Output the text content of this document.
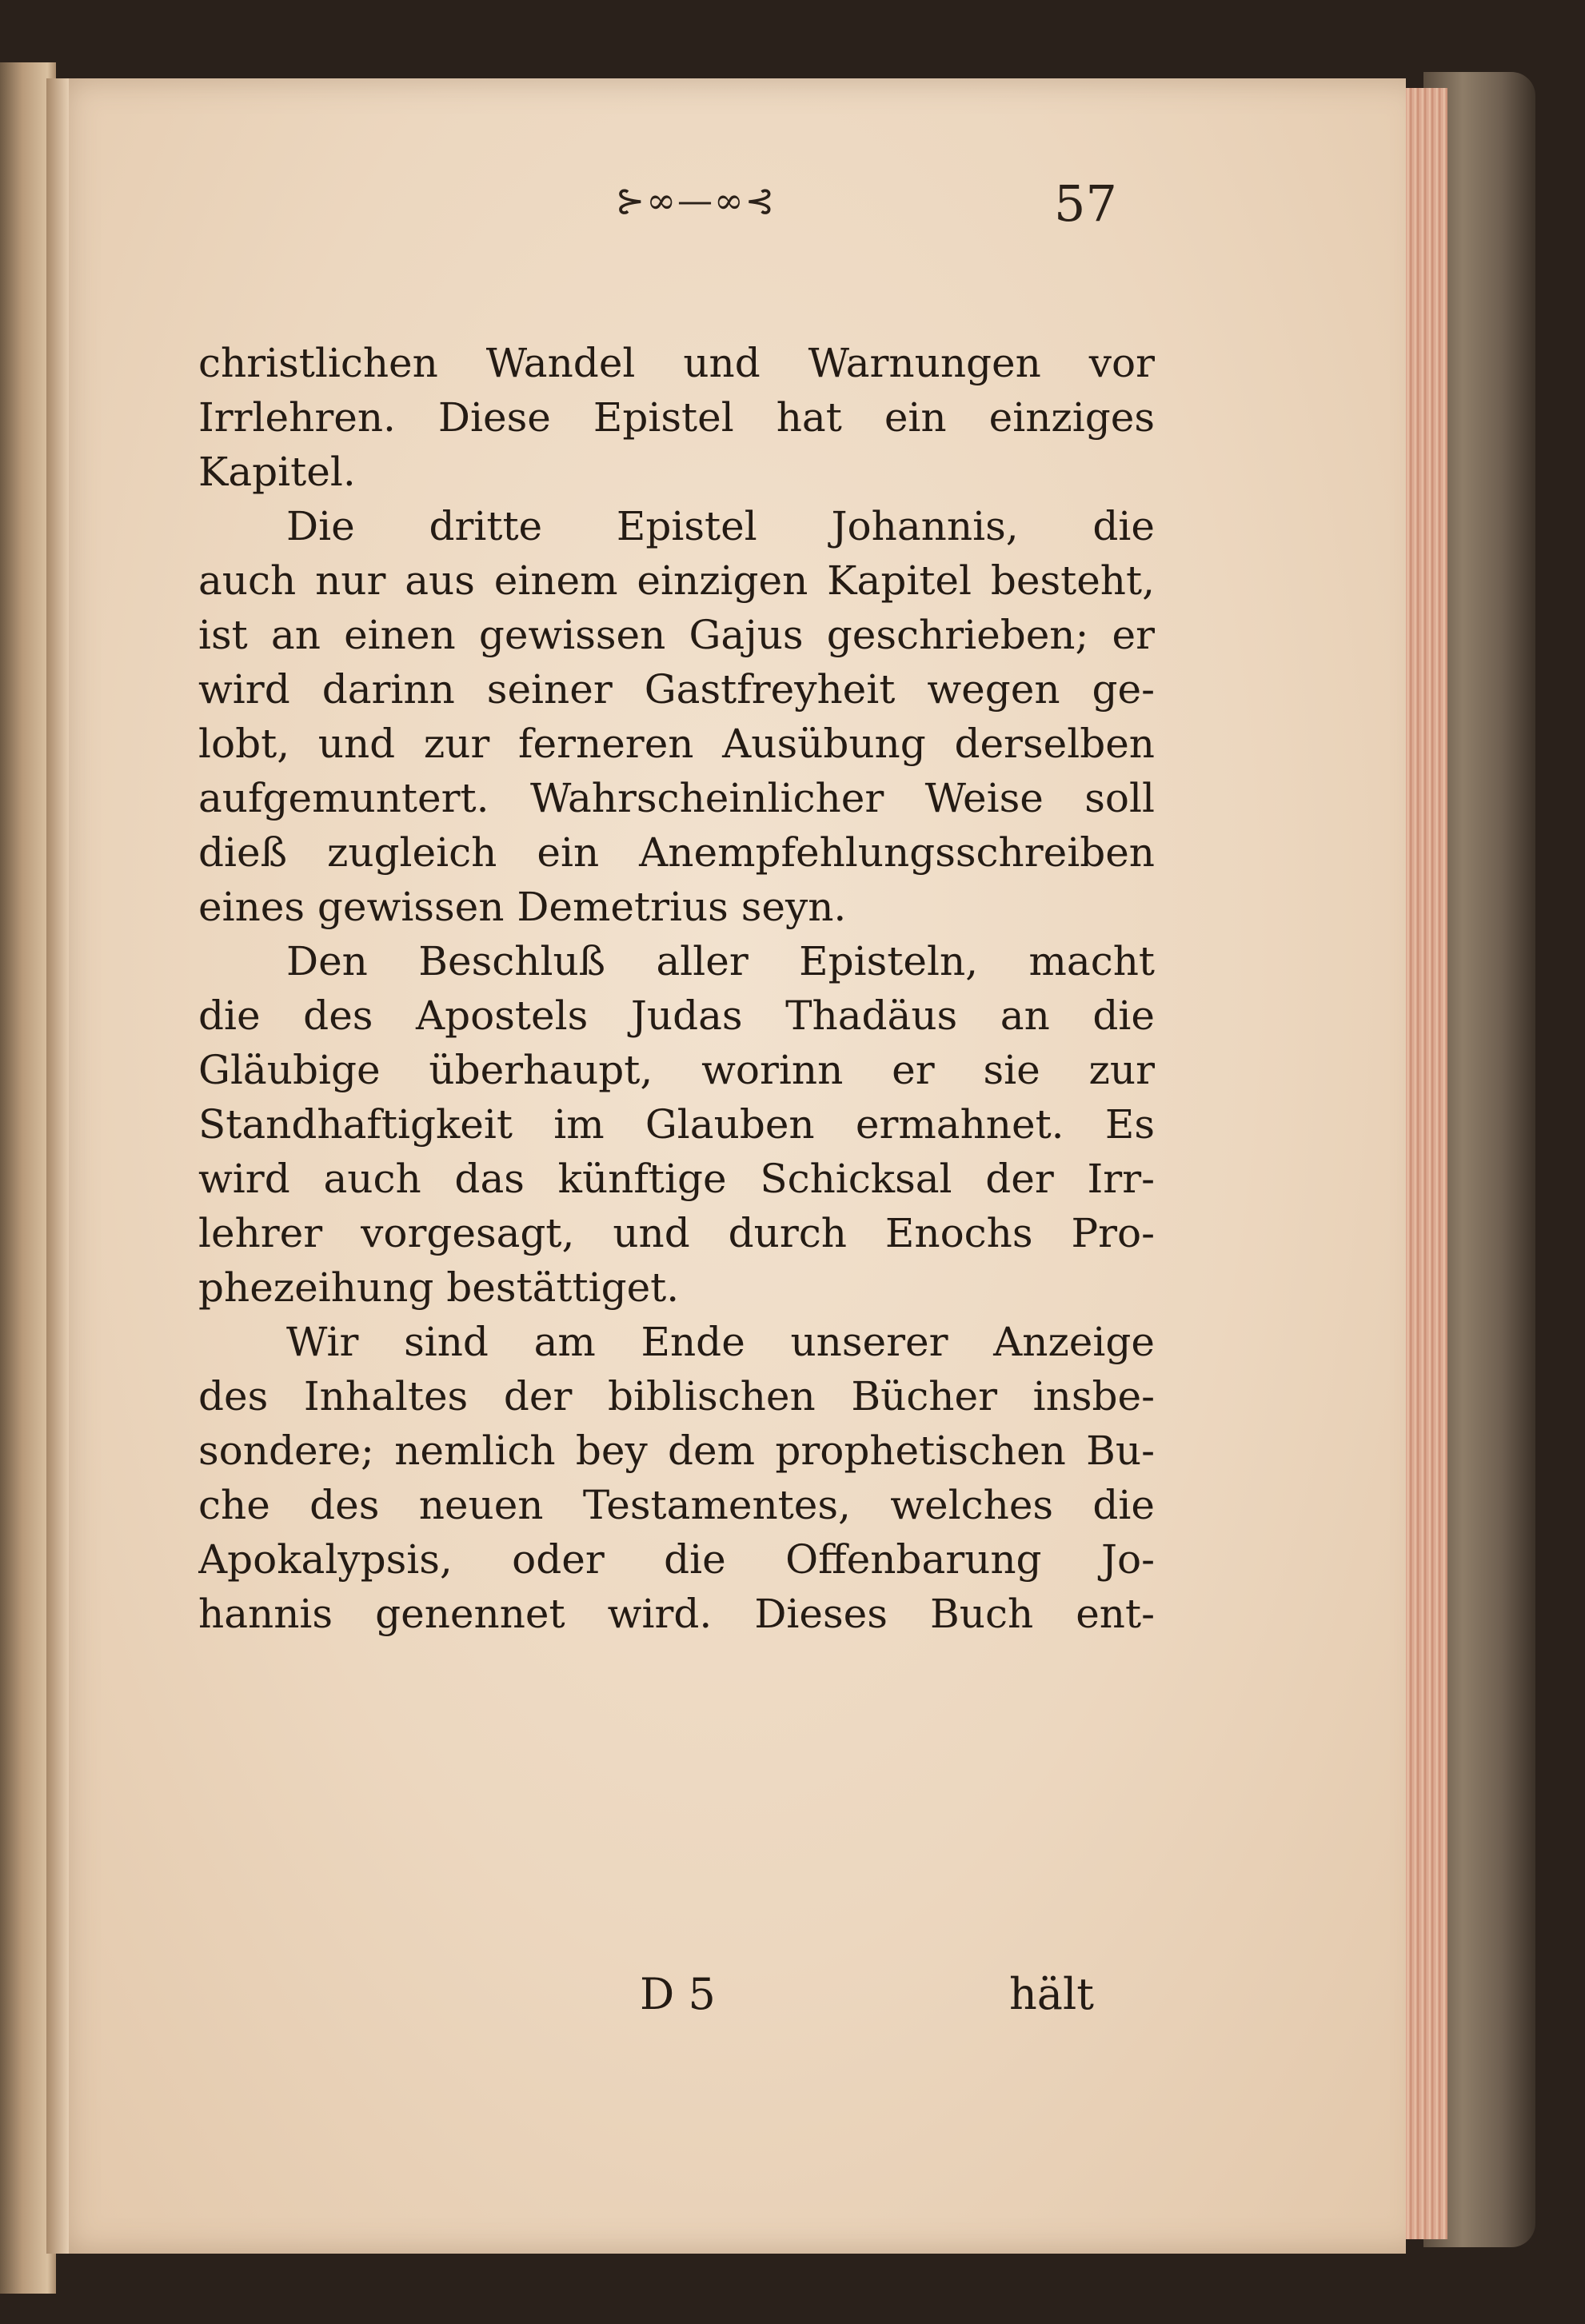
⊱∞—∞⊰	57
christlichen Wandel und Warnungen vor
Irrlehren. Diese Epistel hat ein einziges
Kapitel.
Die dritte Epistel Johannis, die
auch nur aus einem einzigen Kapitel besteht,
ist an einen gewissen Gajus geschrieben; er
wird darinn seiner Gastfreyheit wegen ge-
lobt, und zur ferneren Ausübung derselben
aufgemuntert. Wahrscheinlicher Weise soll
dieß zugleich ein Anempfehlungsschreiben
eines gewissen Demetrius seyn.
Den Beschluß aller Episteln, macht
die des Apostels Judas Thadäus an die
Gläubige überhaupt, worinn er sie zur
Standhaftigkeit im Glauben ermahnet. Es
wird auch das künftige Schicksal der Irr-
lehrer vorgesagt, und durch Enochs Pro-
phezeihung bestättiget.
Wir sind am Ende unserer Anzeige
des Inhaltes der biblischen Bücher insbe-
sondere; nemlich bey dem prophetischen Bu-
che des neuen Testamentes, welches die
Apokalypsis, oder die Offenbarung Jo-
hannis genennet wird. Dieses Buch ent-
D 5	hält
